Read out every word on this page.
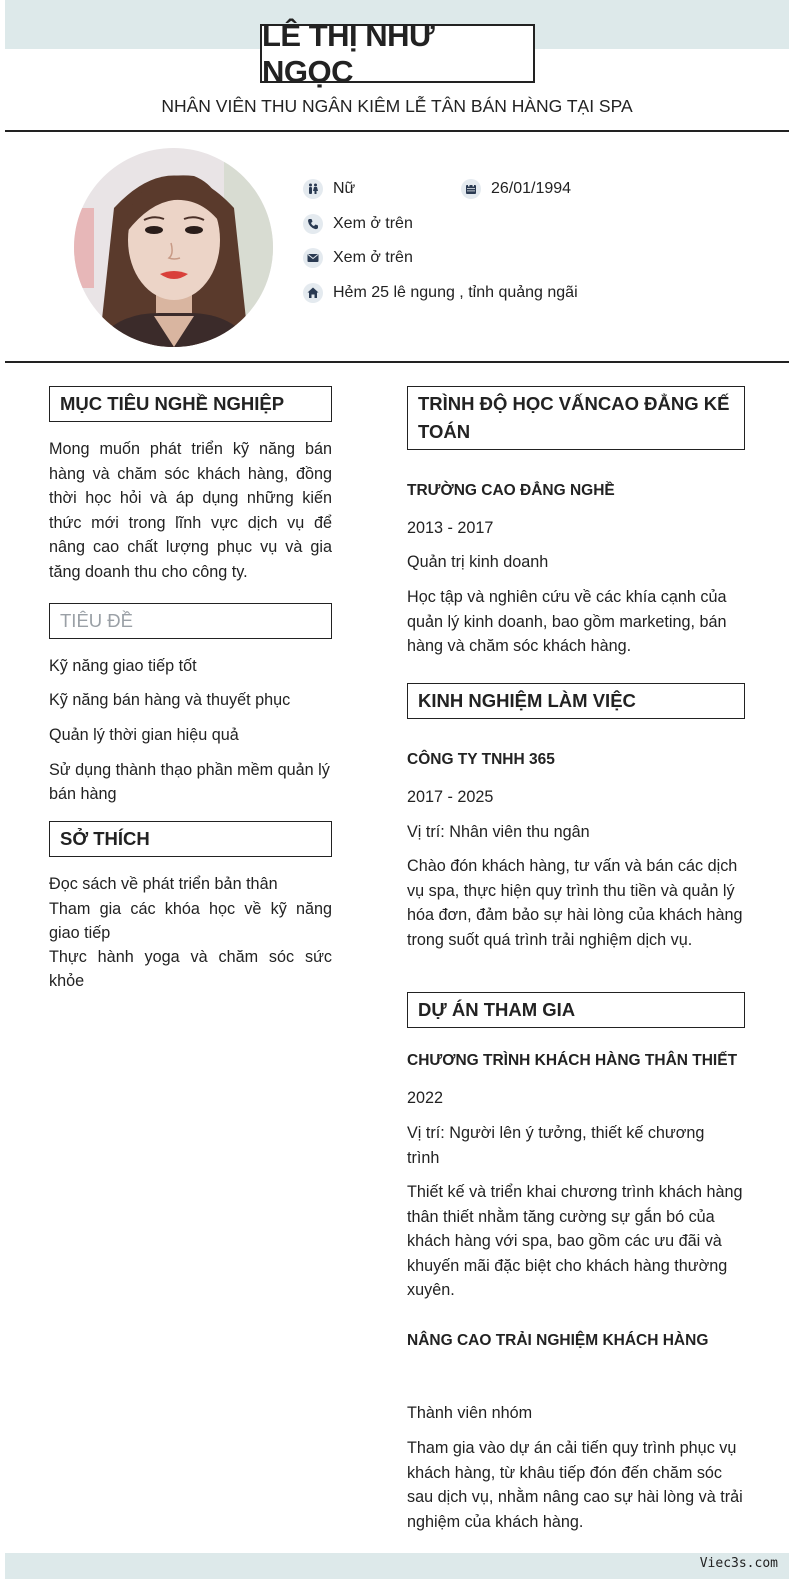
LÊ THỊ NHƯ NGỌC
NHÂN VIÊN THU NGÂN KIÊM LỄ TÂN BÁN HÀNG TẠI SPA
Nữ	26/01/1994
Xem ở trên
Xem ở trên
Hẻm 25 lê ngung , tỉnh quảng ngãi
MỤC TIÊU NGHỀ NGHIỆP
Mong muốn phát triển kỹ năng bán hàng và chăm sóc khách hàng, đồng thời học hỏi và áp dụng những kiến thức mới trong lĩnh vực dịch vụ để nâng cao chất lượng phục vụ và gia tăng doanh thu cho công ty.
TIÊU ĐỀ
Kỹ năng giao tiếp tốt
Kỹ năng bán hàng và thuyết phục
Quản lý thời gian hiệu quả
Sử dụng thành thạo phần mềm quản lý bán hàng
SỞ THÍCH
Đọc sách về phát triển bản thân
Tham gia các khóa học về kỹ năng giao tiếp
Thực hành yoga và chăm sóc sức khỏe
TRÌNH ĐỘ HỌC VẤNCAO ĐẲNG KẾ TOÁN
TRƯỜNG CAO ĐẲNG NGHỀ
2013 - 2017
Quản trị kinh doanh
Học tập và nghiên cứu về các khía cạnh của quản lý kinh doanh, bao gồm marketing, bán hàng và chăm sóc khách hàng.
KINH NGHIỆM LÀM VIỆC
CÔNG TY TNHH 365
2017 - 2025
Vị trí: Nhân viên thu ngân
Chào đón khách hàng, tư vấn và bán các dịch vụ spa, thực hiện quy trình thu tiền và quản lý hóa đơn, đảm bảo sự hài lòng của khách hàng trong suốt quá trình trải nghiệm dịch vụ.
DỰ ÁN THAM GIA
CHƯƠNG TRÌNH KHÁCH HÀNG THÂN THIẾT
2022
Vị trí: Người lên ý tưởng, thiết kế chương trình
Thiết kế và triển khai chương trình khách hàng thân thiết nhằm tăng cường sự gắn bó của khách hàng với spa, bao gồm các ưu đãi và khuyến mãi đặc biệt cho khách hàng thường xuyên.
NÂNG CAO TRẢI NGHIỆM KHÁCH HÀNG
Thành viên nhóm
Tham gia vào dự án cải tiến quy trình phục vụ khách hàng, từ khâu tiếp đón đến chăm sóc sau dịch vụ, nhằm nâng cao sự hài lòng và trải nghiệm của khách hàng.
Viec3s.com
